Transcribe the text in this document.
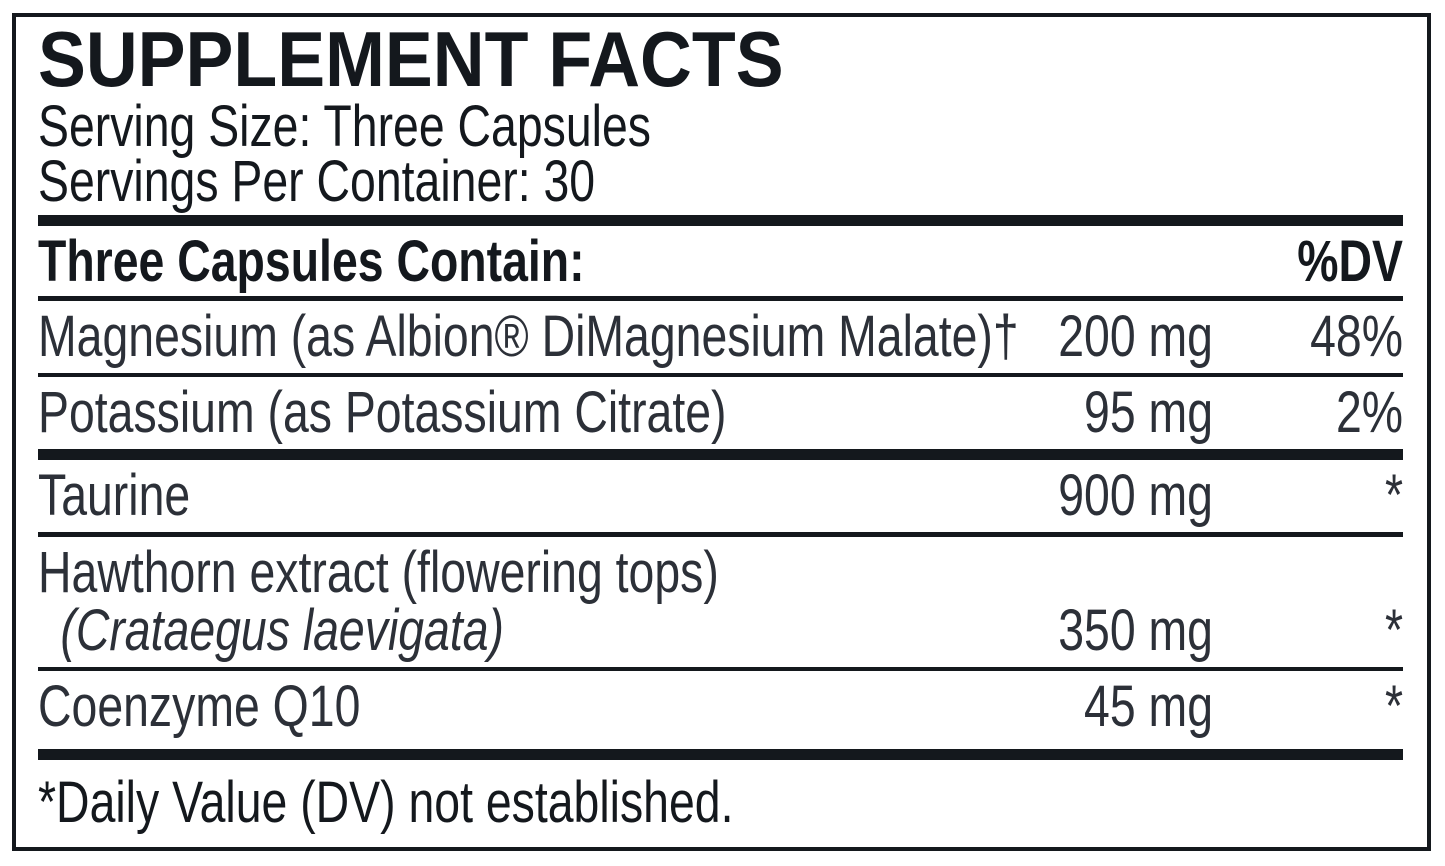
SUPPLEMENT FACTS
Serving Size: Three Capsules
Servings Per Container: 30
Three Capsules Contain:	%DV
Magnesium (as Albion® DiMagnesium Malate)† 200 mg	48%
Potassium (as Potassium Citrate)	95 mg	2%
Taurine	900 mg	*
Hawthorn extract (flowering tops)
(Crataegus laevigata)	350 mg	*
Coenzyme Q10	45 mg	*
*Daily Value (DV) not established.
